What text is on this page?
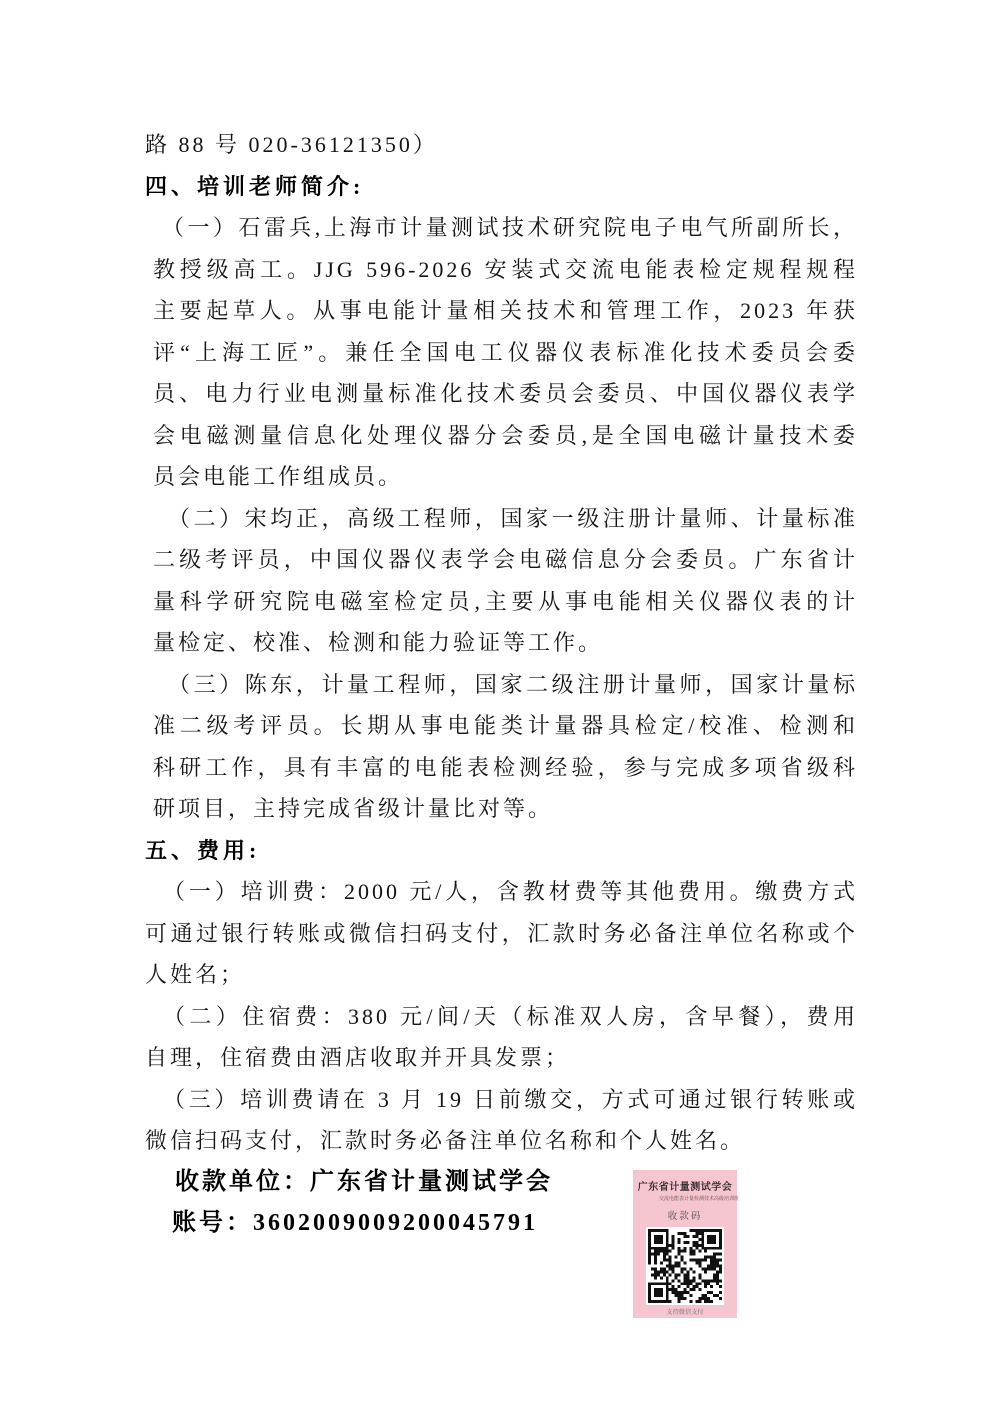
路 88 号 020-36121350）
四、培训老师简介:
（一）石雷兵,上海市计量测试技术研究院电子电气所副所长，
教授级高工。JJG 596-2026 安装式交流电能表检定规程规程
主要起草人。从事电能计量相关技术和管理工作，2023 年获
评“上海工匠”。兼任全国电工仪器仪表标准化技术委员会委
员、电力行业电测量标准化技术委员会委员、中国仪器仪表学
会电磁测量信息化处理仪器分会委员,是全国电磁计量技术委
员会电能工作组成员。
（二）宋均正，高级工程师，国家一级注册计量师、计量标准
二级考评员，中国仪器仪表学会电磁信息分会委员。广东省计
量科学研究院电磁室检定员,主要从事电能相关仪器仪表的计
量检定、校准、检测和能力验证等工作。
（三）陈东，计量工程师，国家二级注册计量师，国家计量标
准二级考评员。长期从事电能类计量器具检定/校准、检测和
科研工作，具有丰富的电能表检测经验，参与完成多项省级科
研项目，主持完成省级计量比对等。
五、费用:
（一）培训费：2000 元/人，含教材费等其他费用。缴费方式
可通过银行转账或微信扫码支付，汇款时务必备注单位名称或个
人姓名；
（二）住宿费：380 元/间/天（标准双人房，含早餐），费用
自理，住宿费由酒店收取并开具发票；
（三）培训费请在 3 月 19 日前缴交，方式可通过银行转账或
微信扫码支付，汇款时务必备注单位名称和个人姓名。
收款单位：广东省计量测试学会
账号：3602009009200045791
广东省计量测试学会
交流电能表计量检测技术高级培训班
收款码
支持微信支付
